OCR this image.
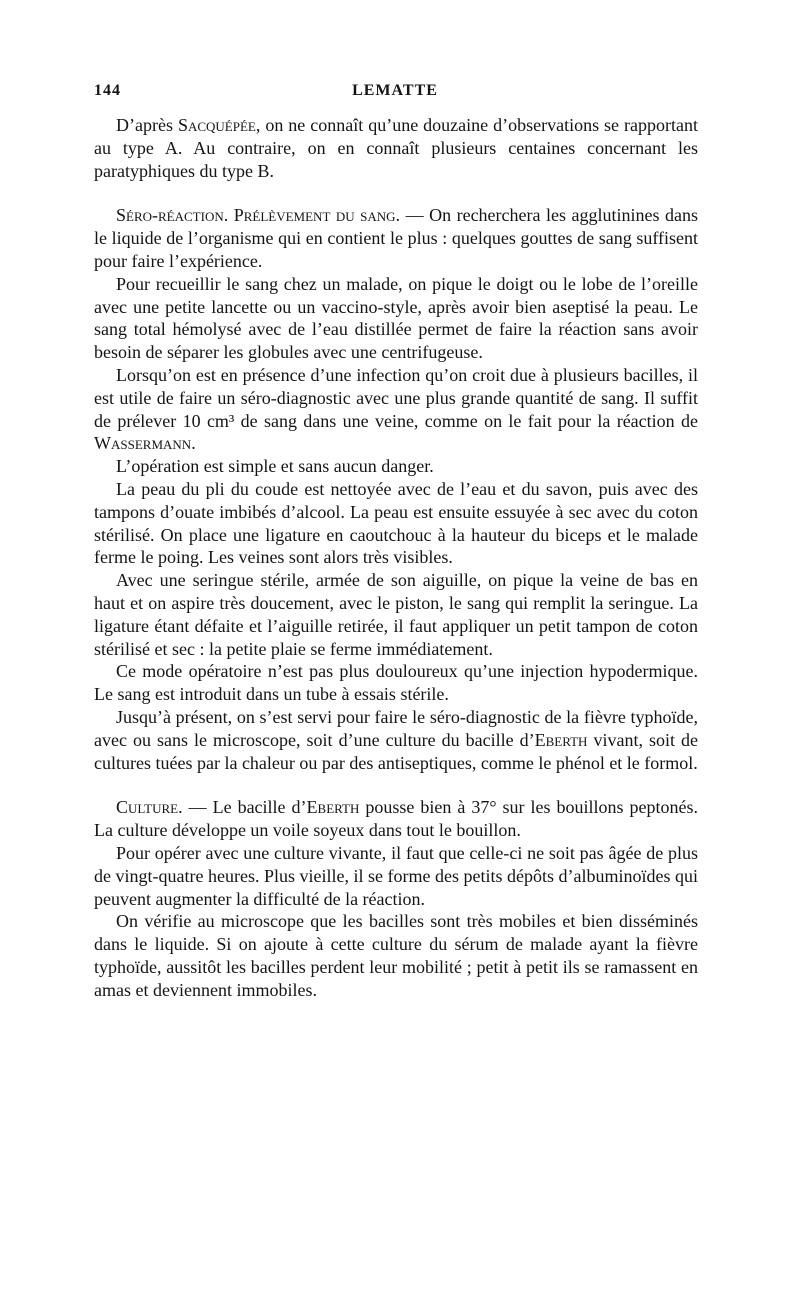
144	LEMATTE

D’après Sacquépée, on ne connaît qu’une douzaine d’observations se rapportant au type A. Au contraire, on en connaît plusieurs centaines concernant les paratyphiques du type B.

Séro-réaction. Prélèvement du sang. — On recherchera les agglutinines dans le liquide de l’organisme qui en contient le plus : quelques gouttes de sang suffisent pour faire l’expérience.

Pour recueillir le sang chez un malade, on pique le doigt ou le lobe de l’oreille avec une petite lancette ou un vaccino-style, après avoir bien aseptisé la peau. Le sang total hémolysé avec de l’eau distillée permet de faire la réaction sans avoir besoin de séparer les globules avec une centrifugeuse.

Lorsqu’on est en présence d’une infection qu’on croit due à plusieurs bacilles, il est utile de faire un séro-diagnostic avec une plus grande quantité de sang. Il suffit de prélever 10 cm³ de sang dans une veine, comme on le fait pour la réaction de Wassermann.

L’opération est simple et sans aucun danger.

La peau du pli du coude est nettoyée avec de l’eau et du savon, puis avec des tampons d’ouate imbibés d’alcool. La peau est ensuite essuyée à sec avec du coton stérilisé. On place une ligature en caoutchouc à la hauteur du biceps et le malade ferme le poing. Les veines sont alors très visibles.

Avec une seringue stérile, armée de son aiguille, on pique la veine de bas en haut et on aspire très doucement, avec le piston, le sang qui remplit la seringue. La ligature étant défaite et l’aiguille retirée, il faut appliquer un petit tampon de coton stérilisé et sec : la petite plaie se ferme immédiatement.

Ce mode opératoire n’est pas plus douloureux qu’une injection hypodermique. Le sang est introduit dans un tube à essais stérile.

Jusqu’à présent, on s’est servi pour faire le séro-diagnostic de la fièvre typhoïde, avec ou sans le microscope, soit d’une culture du bacille d’Eberth vivant, soit de cultures tuées par la chaleur ou par des antiseptiques, comme le phénol et le formol.

Culture. — Le bacille d’Eberth pousse bien à 37° sur les bouillons peptonés. La culture développe un voile soyeux dans tout le bouillon.

Pour opérer avec une culture vivante, il faut que celle-ci ne soit pas âgée de plus de vingt-quatre heures. Plus vieille, il se forme des petits dépôts d’albuminoïdes qui peuvent augmenter la difficulté de la réaction.

On vérifie au microscope que les bacilles sont très mobiles et bien disséminés dans le liquide. Si on ajoute à cette culture du sérum de malade ayant la fièvre typhoïde, aussitôt les bacilles perdent leur mobilité ; petit à petit ils se ramassent en amas et deviennent immobiles.
